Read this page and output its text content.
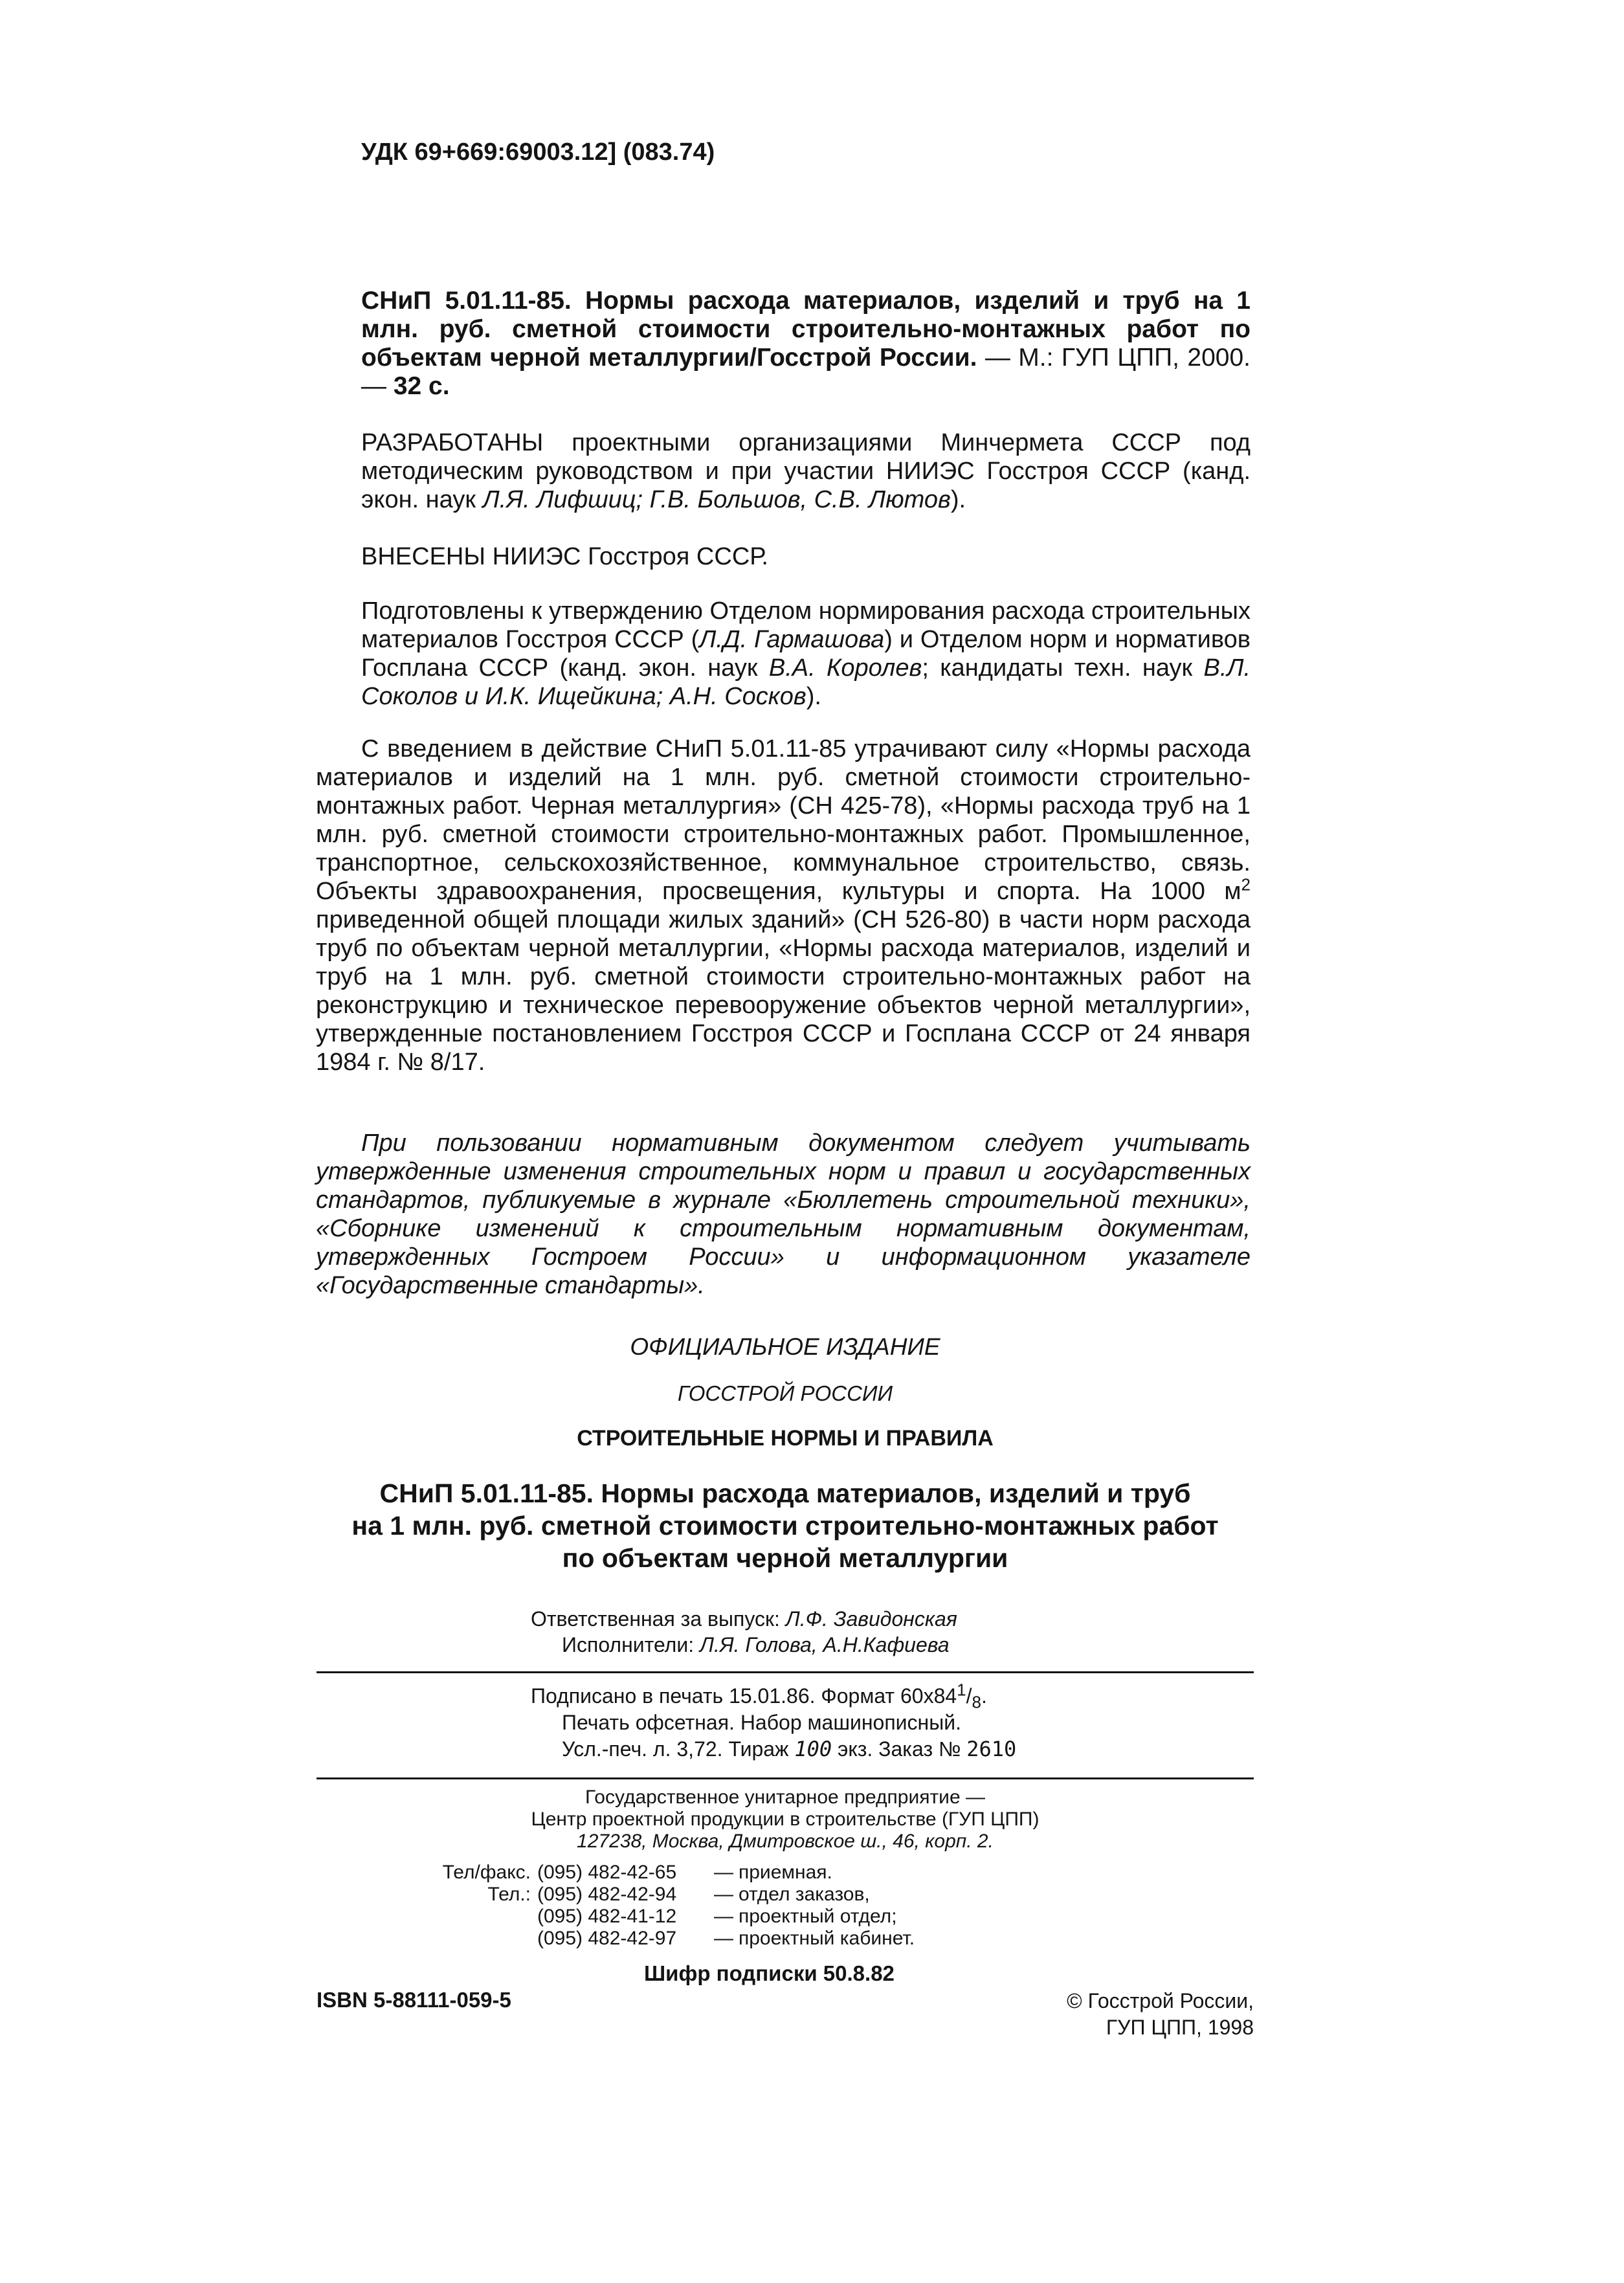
УДК 69+669:69003.12] (083.74)
СНиП 5.01.11-85. Нормы расхода материалов, изделий и труб на 1 млн. руб. сметной стоимости строительно-монтажных работ по объектам черной металлургии/Госстрой России. — М.: ГУП ЦПП, 2000. — 32 с.
РАЗРАБОТАНЫ проектными организациями Минчермета СССР под методическим руководством и при участии НИИЭС Госстроя СССР (канд. экон. наук Л.Я. Лифшиц; Г.В. Большов, С.В. Лютов).
ВНЕСЕНЫ НИИЭС Госстроя СССР.
Подготовлены к утверждению Отделом нормирования расхода строительных материалов Госстроя СССР (Л.Д. Гармашова) и Отделом норм и нормативов Госплана СССР (канд. экон. наук В.А. Королев; кандидаты техн. наук В.Л. Соколов и И.К. Ищейкина; А.Н. Сосков).
С введением в действие СНиП 5.01.11-85 утрачивают силу «Нормы расхода материалов и изделий на 1 млн. руб. сметной стоимости строительно-монтажных работ. Черная металлургия» (СН 425-78), «Нормы расхода труб на 1 млн. руб. сметной стоимости строительно-монтажных работ. Промышленное, транспортное, сельскохозяйственное, коммунальное строительство, связь. Объекты здравоохранения, просвещения, культуры и спорта. На 1000 $м^2$ приведенной общей площади жилых зданий» (СН 526-80) в части норм расхода труб по объектам черной металлургии, «Нормы расхода материалов, изделий и труб на 1 млн. руб. сметной стоимости строительно-монтажных работ на реконструкцию и техническое перевооружение объектов черной металлургии», утвержденные постановлением Госстроя СССР и Госплана СССР от 24 января 1984 г. № 8/17.
При пользовании нормативным документом следует учитывать утвержденные изменения строительных норм и правил и государственных стандартов, публикуемые в журнале «Бюллетень строительной техники», «Сборнике изменений к строительным нормативным документам, утвержденных Гостроем России» и информационном указателе «Государственные стандарты».
ОФИЦИАЛЬНОЕ ИЗДАНИЕ
ГОССТРОЙ РОССИИ
СТРОИТЕЛЬНЫЕ НОРМЫ И ПРАВИЛА
СНиП 5.01.11-85. Нормы расхода материалов, изделий и труб
на 1 млн. руб. сметной стоимости строительно-монтажных работ
по объектам черной металлургии
Ответственная за выпуск: Л.Ф. Завидонская
Исполнители: Л.Я. Голова, А.Н.Кафиева
Подписано в печать 15.01.86. Формат $60х84^1/_8$.
Печать офсетная. Набор машинописный.
Усл.-печ. л. 3,72. Тираж 100 экз. Заказ № 2610
Государственное унитарное предприятие —
Центр проектной продукции в строительстве (ГУП ЦПП)
127238, Москва, Дмитровское ш., 46, корп. 2.
Тел/факс. (095) 482-42-65	— приемная.
Тел.: (095) 482-42-94	— отдел заказов,
(095) 482-41-12	— проектный отдел;
(095) 482-42-97	— проектный кабинет.
Шифр подписки 50.8.82
ISBN 5-88111-059-5	© Госстрой России,
ГУП ЦПП, 1998
